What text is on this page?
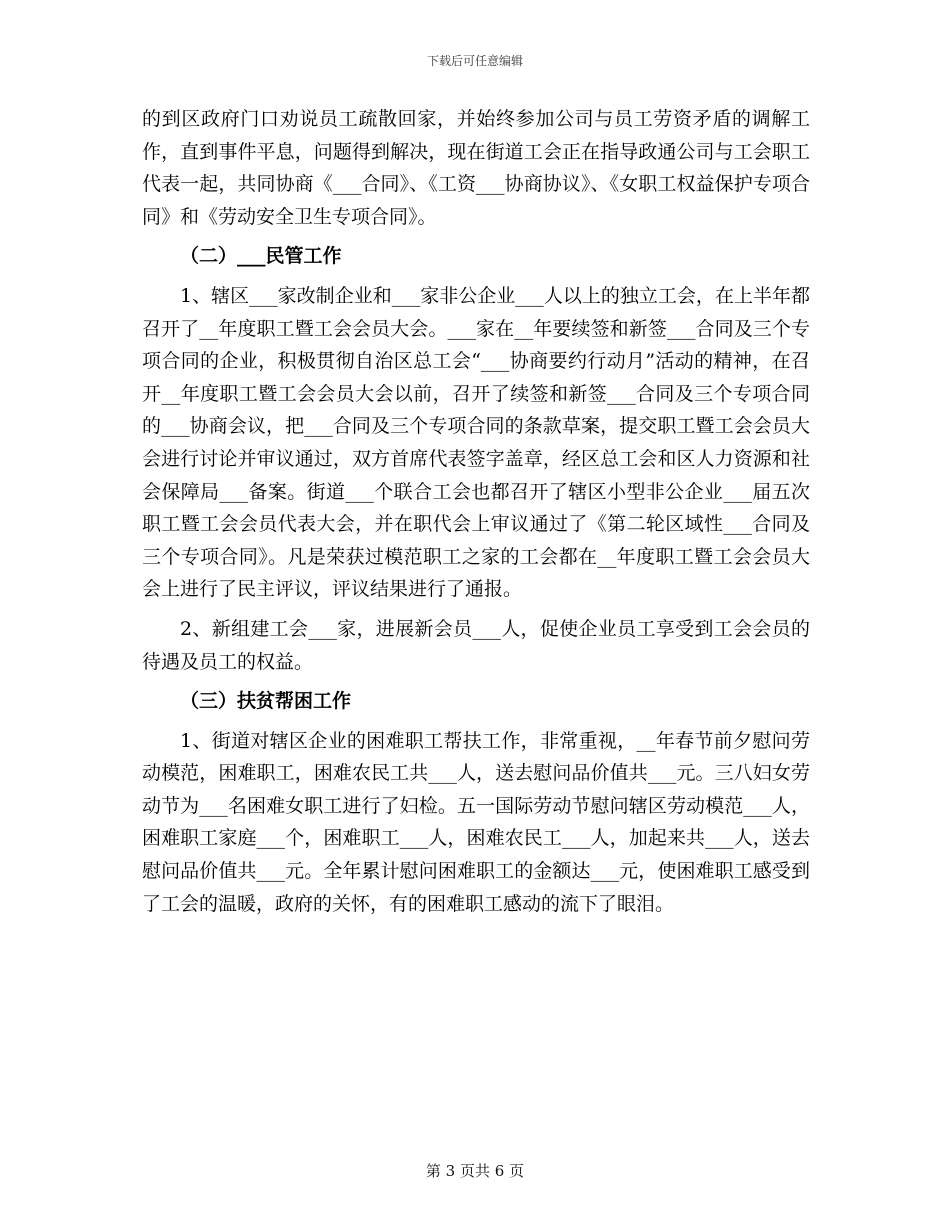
下载后可任意编辑

的到区政府门口劝说员工疏散回家，并始终参加公司与员工劳资矛盾的调解工作，直到事件平息，问题得到解决，现在街道工会正在指导政通公司与工会职工代表一起，共同协商《___合同》、《工资___协商协议》、《女职工权益保护专项合同》和《劳动安全卫生专项合同》。

（二）___民管工作

1、辖区___家改制企业和___家非公企业___人以上的独立工会，在上半年都召开了__年度职工暨工会会员大会。___家在__年要续签和新签___合同及三个专项合同的企业，积极贯彻自治区总工会“___协商要约行动月”活动的精神，在召开__年度职工暨工会会员大会以前，召开了续签和新签___合同及三个专项合同的___协商会议，把___合同及三个专项合同的条款草案，提交职工暨工会会员大会进行讨论并审议通过，双方首席代表签字盖章，经区总工会和区人力资源和社会保障局___备案。街道___个联合工会也都召开了辖区小型非公企业___届五次职工暨工会会员代表大会，并在职代会上审议通过了《第二轮区域性___合同及三个专项合同》。凡是荣获过模范职工之家的工会都在__年度职工暨工会会员大会上进行了民主评议，评议结果进行了通报。

2、新组建工会___家，进展新会员___人，促使企业员工享受到工会会员的待遇及员工的权益。

（三）扶贫帮困工作

1、街道对辖区企业的困难职工帮扶工作，非常重视，__年春节前夕慰问劳动模范，困难职工，困难农民工共___人，送去慰问品价值共___元。三八妇女劳动节为___名困难女职工进行了妇检。五一国际劳动节慰问辖区劳动模范___人，困难职工家庭___个，困难职工___人，困难农民工___人，加起来共___人，送去慰问品价值共___元。全年累计慰问困难职工的金额达___元，使困难职工感受到了工会的温暖，政府的关怀，有的困难职工感动的流下了眼泪。

第 3 页共 6 页
